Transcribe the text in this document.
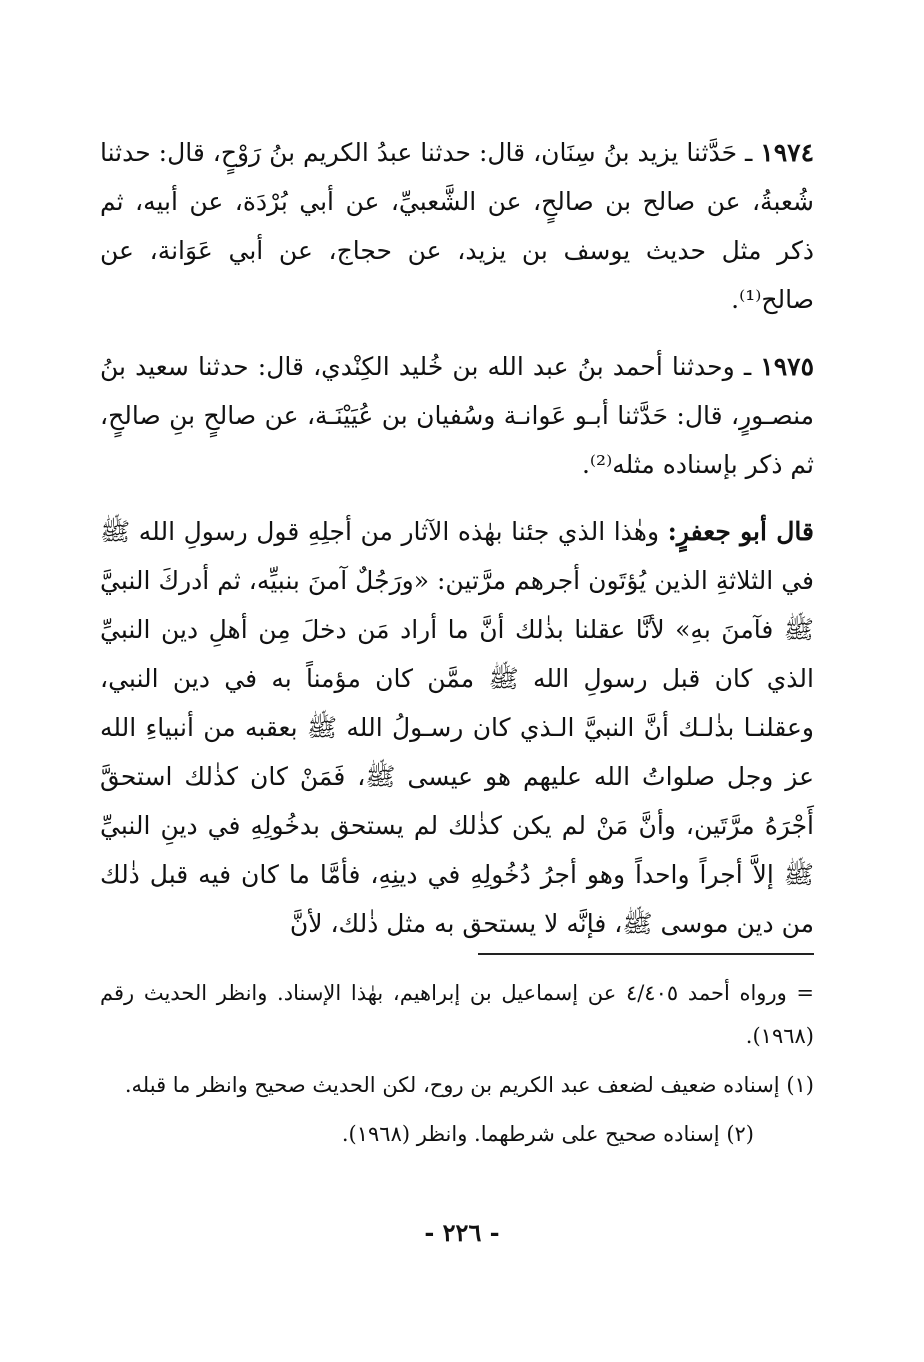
١٩٧٤ ـ حَدَّثنا يزيد بنُ سِنَان، قال: حدثنا عبدُ الكريم بنُ رَوْحٍ، قال: حدثنا شُعبةُ، عن صالح بن صالحٍ، عن الشَّعبيِّ، عن أبي بُرْدَة، عن أبيه، ثم ذكر مثل حديث يوسف بن يزيد، عن حجاج، عن أبي عَوَانة، عن صالح⁽¹⁾.

١٩٧٥ ـ وحدثنا أحمد بنُ عبد الله بن خُليد الكِنْدي، قال: حدثنا سعيد بنُ منصـورٍ، قال: حَدَّثنا أبـو عَوانـة وسُفيان بن عُيَيْنَـة، عن صالحٍ بنِ صالحٍ، ثم ذكر بإسناده مثله⁽²⁾.

قال أبو جعفرٍ: وهٰذا الذي جئنا بهٰذه الآثار من أجلِهِ قول رسولِ الله ﷺ في الثلاثةِ الذين يُؤتَون أجرهم مرَّتين: «ورَجُلٌ آمنَ بنبيِّه، ثم أدركَ النبيَّ ﷺ فآمنَ بهِ» لأنَّا عقلنا بذٰلك أنَّ ما أراد مَن دخلَ مِن أهلِ دين النبيِّ الذي كان قبل رسولِ الله ﷺ ممَّن كان مؤمناً به في دين النبي، وعقلنـا بذٰلـك أنَّ النبيَّ الـذي كان رسـولُ الله ﷺ بعقبه من أنبياءِ الله عز وجل صلواتُ الله عليهم هو عيسى ﷺ، فَمَنْ كان كذٰلك استحقَّ أَجْرَهُ مرَّتَين، وأنَّ مَنْ لم يكن كذٰلك لم يستحق بدخُولِهِ في دينِ النبيِّ ﷺ إلاَّ أجراً واحداً وهو أجرُ دُخُولِهِ في دينِهِ، فأمَّا ما كان فيه قبل ذٰلك من دين موسى ﷺ، فإنَّه لا يستحق به مثل ذٰلك، لأنَّ

= ورواه أحمد ٤/٤٠٥ عن إسماعيل بن إبراهيم، بهٰذا الإسناد. وانظر الحديث رقم (١٩٦٨).

(١) إسناده ضعيف لضعف عبد الكريم بن روح، لكن الحديث صحيح وانظر ما قبله.

(٢) إسناده صحيح على شرطهما. وانظر (١٩٦٨).

- ٢٢٦ -
